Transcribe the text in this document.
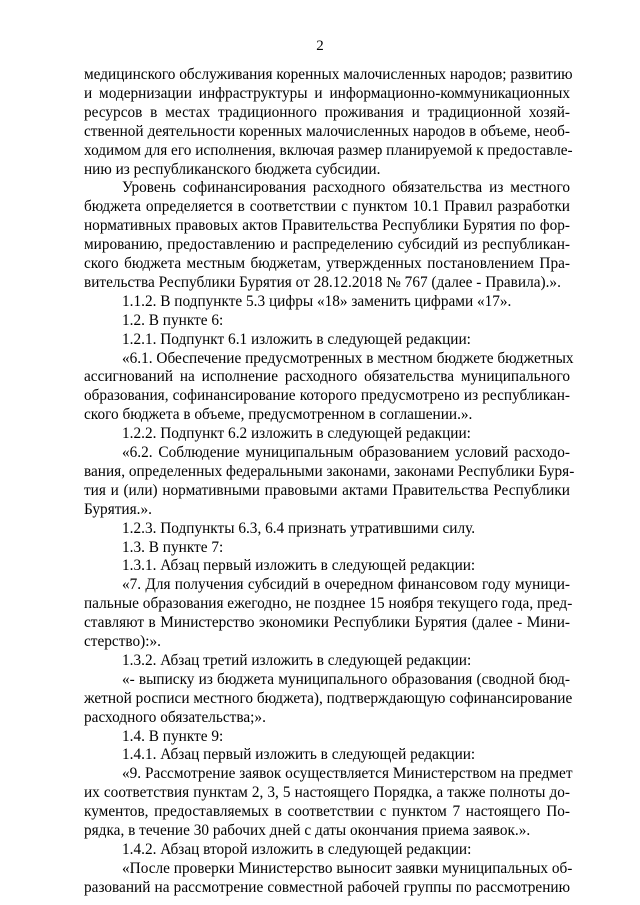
2
медицинского обслуживания коренных малочисленных народов; развитию
и модернизации инфраструктуры и информационно-коммуникационных
ресурсов в местах традиционного проживания и традиционной хозяй-
ственной деятельности коренных малочисленных народов в объеме, необ-
ходимом для его исполнения, включая размер планируемой к предоставле-
нию из республиканского бюджета субсидии.
Уровень софинансирования расходного обязательства из местного
бюджета определяется в соответствии с пунктом 10.1 Правил разработки
нормативных правовых актов Правительства Республики Бурятия по фор-
мированию, предоставлению и распределению субсидий из республикан-
ского бюджета местным бюджетам, утвержденных постановлением Пра-
вительства Республики Бурятия от 28.12.2018 № 767 (далее - Правила).».
1.1.2. В подпункте 5.3 цифры «18» заменить цифрами «17».
1.2. В пункте 6:
1.2.1. Подпункт 6.1 изложить в следующей редакции:
«6.1. Обеспечение предусмотренных в местном бюджете бюджетных
ассигнований на исполнение расходного обязательства муниципального
образования, софинансирование которого предусмотрено из республикан-
ского бюджета в объеме, предусмотренном в соглашении.».
1.2.2. Подпункт 6.2 изложить в следующей редакции:
«6.2. Соблюдение муниципальным образованием условий расходо-
вания, определенных федеральными законами, законами Республики Буря-
тия и (или) нормативными правовыми актами Правительства Республики
Бурятия.».
1.2.3. Подпункты 6.3, 6.4 признать утратившими силу.
1.3. В пункте 7:
1.3.1. Абзац первый изложить в следующей редакции:
«7. Для получения субсидий в очередном финансовом году муници-
пальные образования ежегодно, не позднее 15 ноября текущего года, пред-
ставляют в Министерство экономики Республики Бурятия (далее - Мини-
стерство):».
1.3.2. Абзац третий изложить в следующей редакции:
«- выписку из бюджета муниципального образования (сводной бюд-
жетной росписи местного бюджета), подтверждающую софинансирование
расходного обязательства;».
1.4. В пункте 9:
1.4.1. Абзац первый изложить в следующей редакции:
«9. Рассмотрение заявок осуществляется Министерством на предмет
их соответствия пунктам 2, 3, 5 настоящего Порядка, а также полноты до-
кументов, предоставляемых в соответствии с пунктом 7 настоящего По-
рядка, в течение 30 рабочих дней с даты окончания приема заявок.».
1.4.2. Абзац второй изложить в следующей редакции:
«После проверки Министерство выносит заявки муниципальных об-
разований на рассмотрение совместной рабочей группы по рассмотрению
